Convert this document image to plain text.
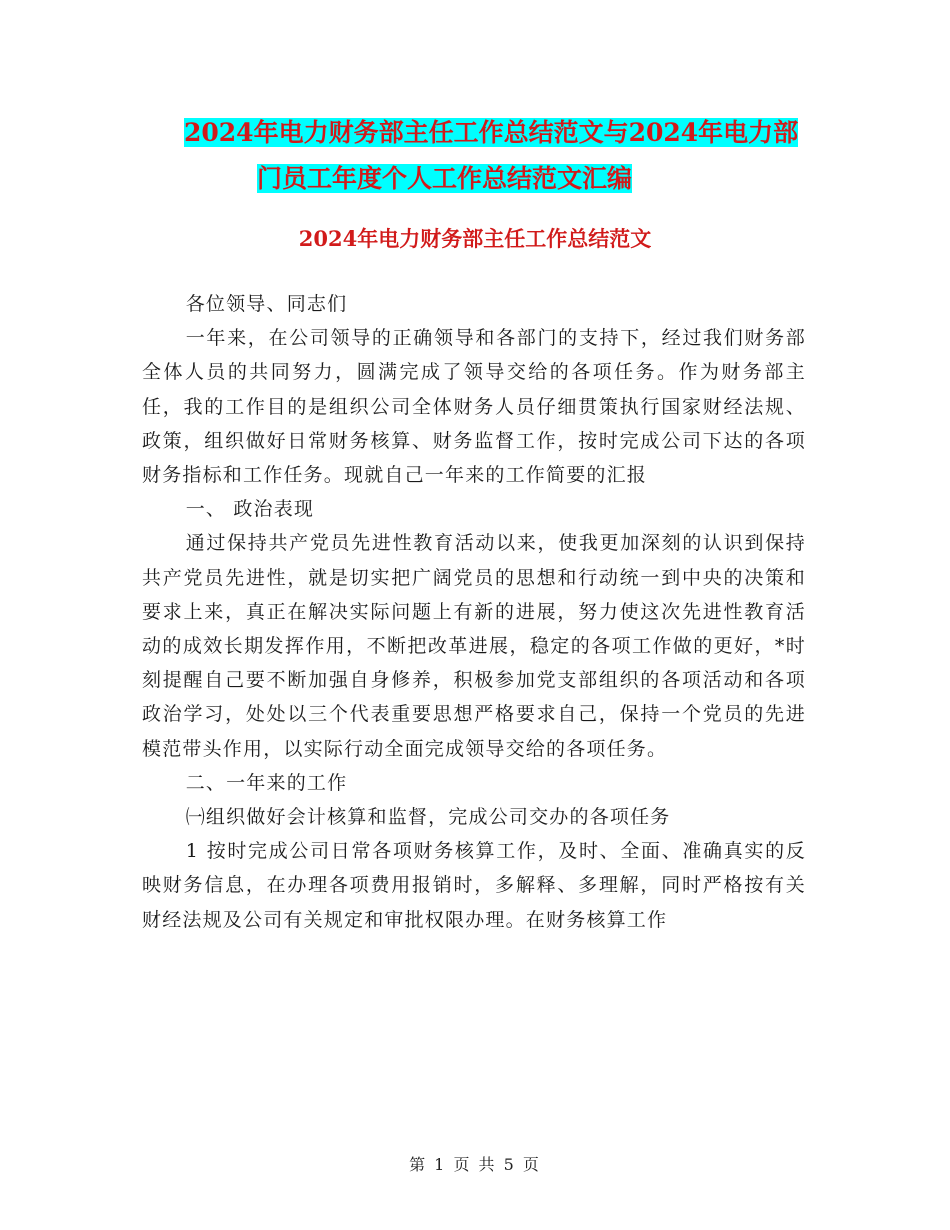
2024年电力财务部主任工作总结范文与2024年电力部
门员工年度个人工作总结范文汇编
2024年电力财务部主任工作总结范文

各位领导、同志们

一年来，在公司领导的正确领导和各部门的支持下，经过我们财务部全体人员的共同努力，圆满完成了领导交给的各项任务。作为财务部主任，我的工作目的是组织公司全体财务人员仔细贯策执行国家财经法规、政策，组织做好日常财务核算、财务监督工作，按时完成公司下达的各项财务指标和工作任务。现就自己一年来的工作简要的汇报

一、 政治表现

通过保持共产党员先进性教育活动以来，使我更加深刻的认识到保持共产党员先进性，就是切实把广阔党员的思想和行动统一到中央的决策和要求上来，真正在解决实际问题上有新的进展，努力使这次先进性教育活动的成效长期发挥作用，不断把改革进展，稳定的各项工作做的更好，*时刻提醒自己要不断加强自身修养，积极参加党支部组织的各项活动和各项政治学习，处处以三个代表重要思想严格要求自己，保持一个党员的先进模范带头作用，以实际行动全面完成领导交给的各项任务。

二、一年来的工作

㈠组织做好会计核算和监督，完成公司交办的各项任务

1 按时完成公司日常各项财务核算工作，及时、全面、准确真实的反映财务信息，在办理各项费用报销时，多解释、多理解，同时严格按有关财经法规及公司有关规定和审批权限办理。在财务核算工作

第 1 页 共 5 页
